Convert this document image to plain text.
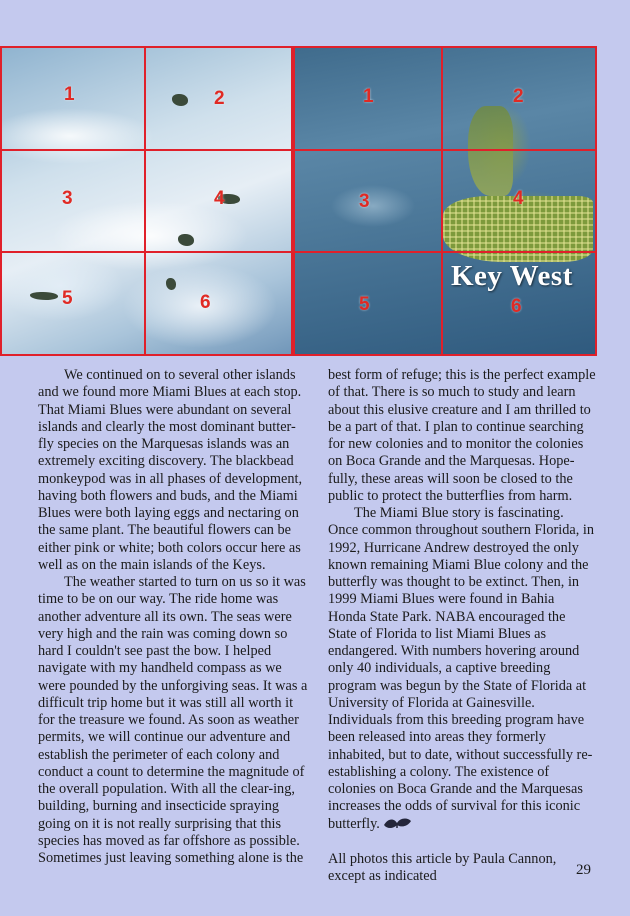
1	2
3	4
5	6
1	2
3	4
5	6
Key West

We continued on to several other islands and we found more Miami Blues at each stop. That Miami Blues were abundant on several islands and clearly the most dominant butter-fly species on the Marquesas islands was an extremely exciting discovery. The blackbead monkeypod was in all phases of development, having both flowers and buds, and the Miami Blues were both laying eggs and nectaring on the same plant. The beautiful flowers can be either pink or white; both colors occur here as well as on the main islands of the Keys.

The weather started to turn on us so it was time to be on our way. The ride home was another adventure all its own. The seas were very high and the rain was coming down so hard I couldn't see past the bow. I helped navigate with my handheld compass as we were pounded by the unforgiving seas. It was a difficult trip home but it was still all worth it for the treasure we found. As soon as weather permits, we will continue our adventure and establish the perimeter of each colony and conduct a count to determine the magnitude of the overall population. With all the clear-ing, building, burning and insecticide spraying going on it is not really surprising that this species has moved as far offshore as possible. Sometimes just leaving something alone is the

best form of refuge; this is the perfect example of that. There is so much to study and learn about this elusive creature and I am thrilled to be a part of that. I plan to continue searching for new colonies and to monitor the colonies on Boca Grande and the Marquesas. Hope-fully, these areas will soon be closed to the public to protect the butterflies from harm.

The Miami Blue story is fascinating. Once common throughout southern Florida, in 1992, Hurricane Andrew destroyed the only known remaining Miami Blue colony and the butterfly was thought to be extinct. Then, in 1999 Miami Blues were found in Bahia Honda State Park. NABA encouraged the State of Florida to list Miami Blues as endangered. With numbers hovering around only 40 individuals, a captive breeding program was begun by the State of Florida at University of Florida at Gainesville. Individuals from this breeding program have been released into areas they formerly inhabited, but to date, without successfully re-establishing a colony. The existence of colonies on Boca Grande and the Marquesas increases the odds of survival for this iconic butterfly.

All photos this article by Paula Cannon, except as indicated	29
